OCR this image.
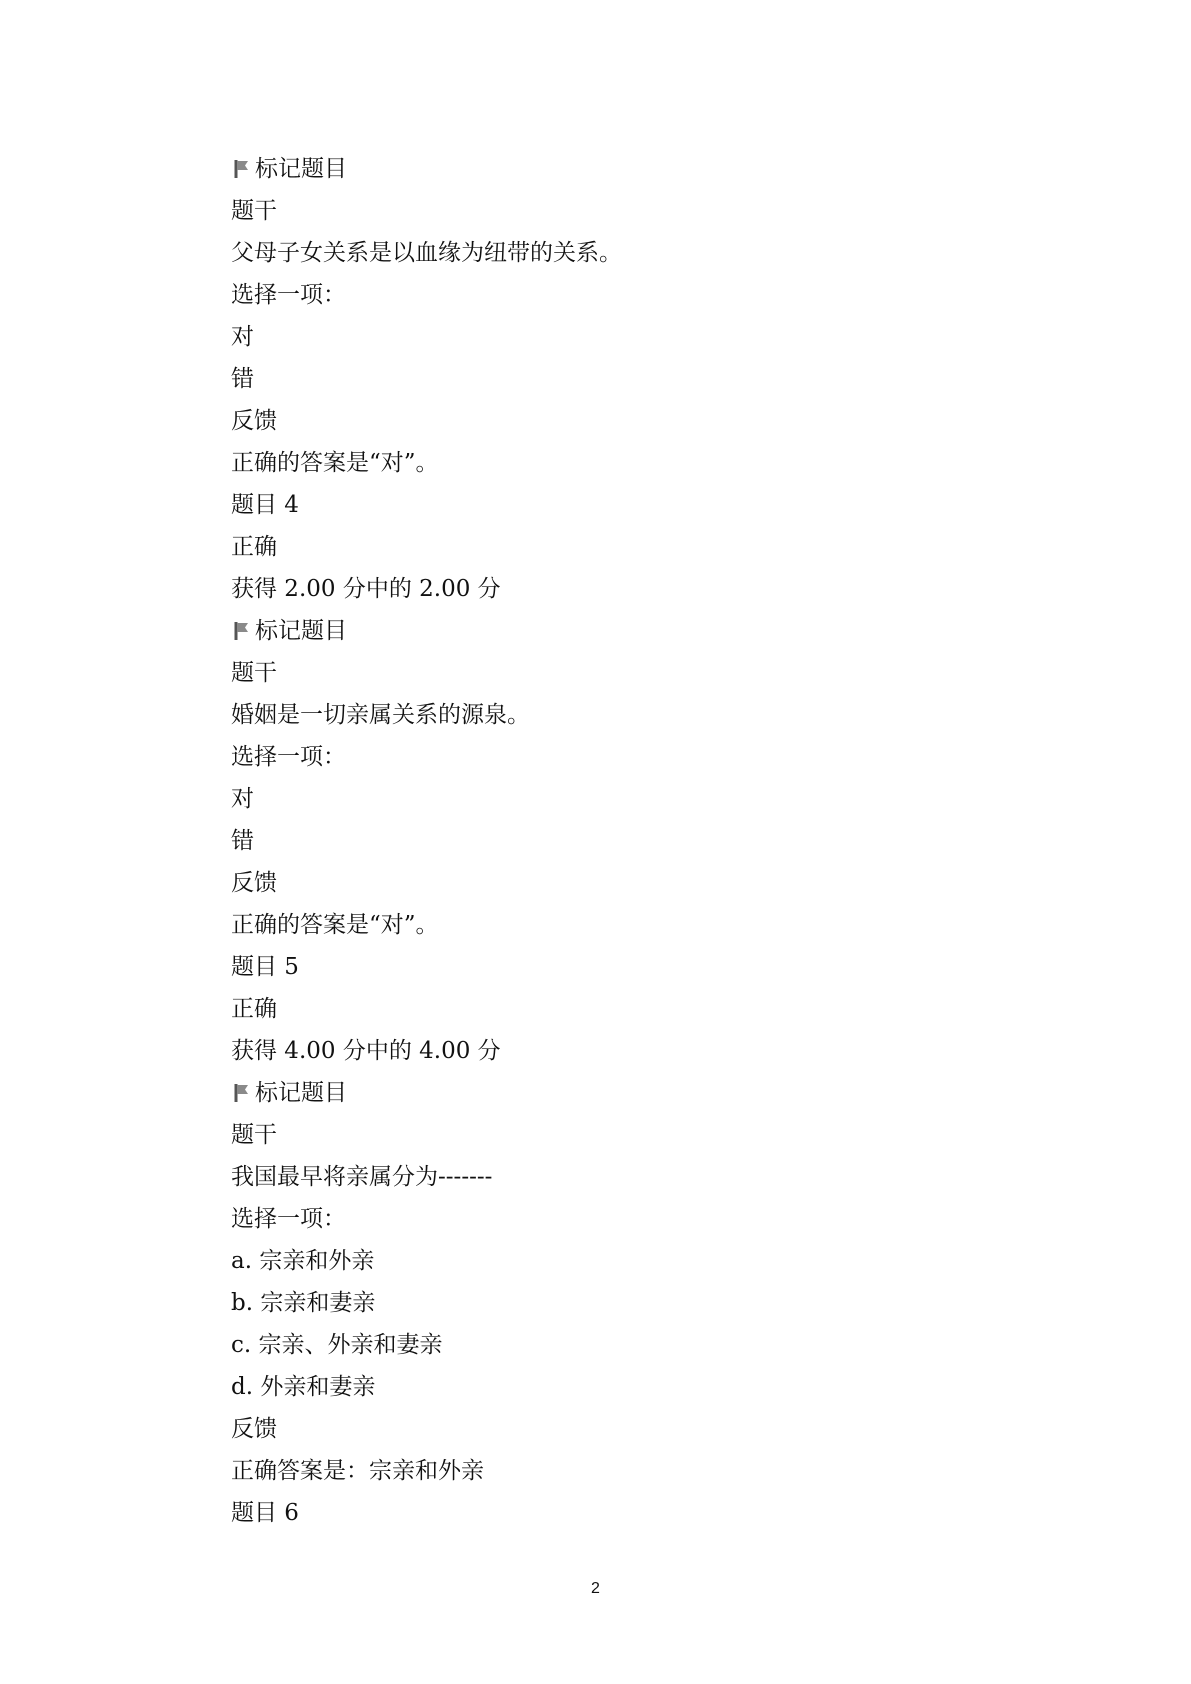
标记题目
题干
父母子女关系是以血缘为纽带的关系。
选择一项：
对
错
反馈
正确的答案是“对”。
题目 4
正确
获得 2.00 分中的 2.00 分
标记题目
题干
婚姻是一切亲属关系的源泉。
选择一项：
对
错
反馈
正确的答案是“对”。
题目 5
正确
获得 4.00 分中的 4.00 分
标记题目
题干
我国最早将亲属分为-------
选择一项：
a. 宗亲和外亲
b. 宗亲和妻亲
c. 宗亲、外亲和妻亲
d. 外亲和妻亲
反馈
正确答案是：宗亲和外亲
题目 6
2
